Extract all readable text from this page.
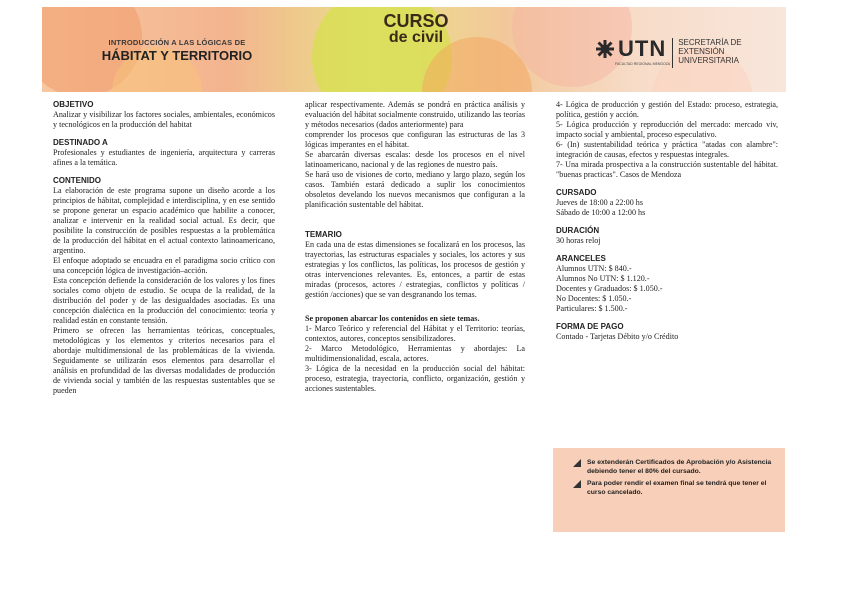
INTRODUCCIÓN A LAS LÓGICAS DE
HÁBITAT Y TERRITORIO
CURSO
de civil	UTN
FACULTAD REGIONAL MENDOZA
SECRETARÍA DE
EXTENSIÓN
UNIVERSITARIA
OBJETIVO
Analizar y visibilizar los factores sociales, ambientales, económicos y tecnológicos en la producción del habitat
DESTINADO A
Profesionales y estudiantes de ingeniería, arquitectura y carreras afines a la temática.
CONTENIDO
La elaboración de este programa supone un diseño acorde a los principios de hábitat, complejidad e interdisciplina, y en ese sentido se propone generar un espacio académico que habilite a conocer, analizar e intervenir en la realidad social actual. Es decir, que posibilite la construcción de posibles respuestas a la problemática de la producción del hábitat en el actual contexto latinoamericano, argentino.
El enfoque adoptado se encuadra en el paradigma socio crítico con una concepción lógica de investigación–acción.
Esta concepción defiende la consideración de los valores y los fines sociales como objeto de estudio. Se ocupa de la realidad, de la distribución del poder y de las desigualdades asociadas. Es una concepción dialéctica en la producción del conocimiento: teoría y realidad están en constante tensión.
Primero se ofrecen las herramientas teóricas, conceptuales, metodológicas y los elementos y criterios necesarios para el abordaje multidimensional de las problemáticas de la vivienda. Seguidamente se utilizarán esos elementos para desarrollar el análisis en profundidad de las diversas modalidades de producción de vivienda social y también de las respuestas sustentables que se pueden
aplicar respectivamente. Además se pondrá en práctica análisis y evaluación del hábitat socialmente construido, utilizando las teorías y métodos necesarios (dados anteriormente) para
comprender los procesos que configuran las estructuras de las 3 lógicas imperantes en el hábitat.
Se abarcarán diversas escalas: desde los procesos en el nivel latinoamericano, nacional y de las regiones de nuestro país.
Se hará uso de visiones de corto, mediano y largo plazo, según los casos. También estará dedicado a suplir los conocimientos obsoletos develando los nuevos mecanismos que configuran a la planificación sustentable del hábitat.
TEMARIO
En cada una de estas dimensiones se focalizará en los procesos, las trayectorias, las estructuras espaciales y sociales, los actores y sus estrategias y los conflictos, las políticas, los procesos de gestión y otras intervenciones relevantes. Es, entonces, a partir de estas miradas (procesos, actores / estrategias, conflictos y políticas / gestión /acciones) que se van desgranando los temas.
Se proponen abarcar los contenidos en siete temas.
1- Marco Teórico y referencial del Hábitat y el Territorio: teorías, contextos, autores, conceptos sensibilizadores.
2- Marco Metodológico, Herramientas y abordajes: La multidimensionalidad, escala, actores.
3- Lógica de la necesidad en la producción social del hábitat: proceso, estrategia, trayectoria, conflicto, organización, gestión y acciones sustentables.
4- Lógica de producción y gestión del Estado: proceso, estrategia, política, gestión y acción.
5- Lógica producción y reproducción del mercado: mercado viv, impacto social y ambiental, proceso especulativo.
6- (In) sustentabilidad teórica y práctica "atadas con alambre": integración de causas, efectos y respuestas integrales.
7- Una mirada prospectiva a la construcción sustentable del hábitat. "buenas practicas". Casos de Mendoza
CURSADO
Jueves de 18:00 a 22:00 hs
Sábado de 10:00 a 12:00 hs
DURACIÓN
30 horas reloj
ARANCELES
Alumnos UTN: $ 840.-
Alumnos No UTN: $ 1.120.-
Docentes y Graduados: $ 1.050.-
No Docentes: $ 1.050.-
Particulares: $ 1.500.-
FORMA DE PAGO
Contado - Tarjetas Débito y/o Crédito
Se extenderán Certificados de Aprobación y/o Asistencia debiendo tener el 80% del cursado.
Para poder rendir el examen final se tendrá que tener el curso cancelado.
